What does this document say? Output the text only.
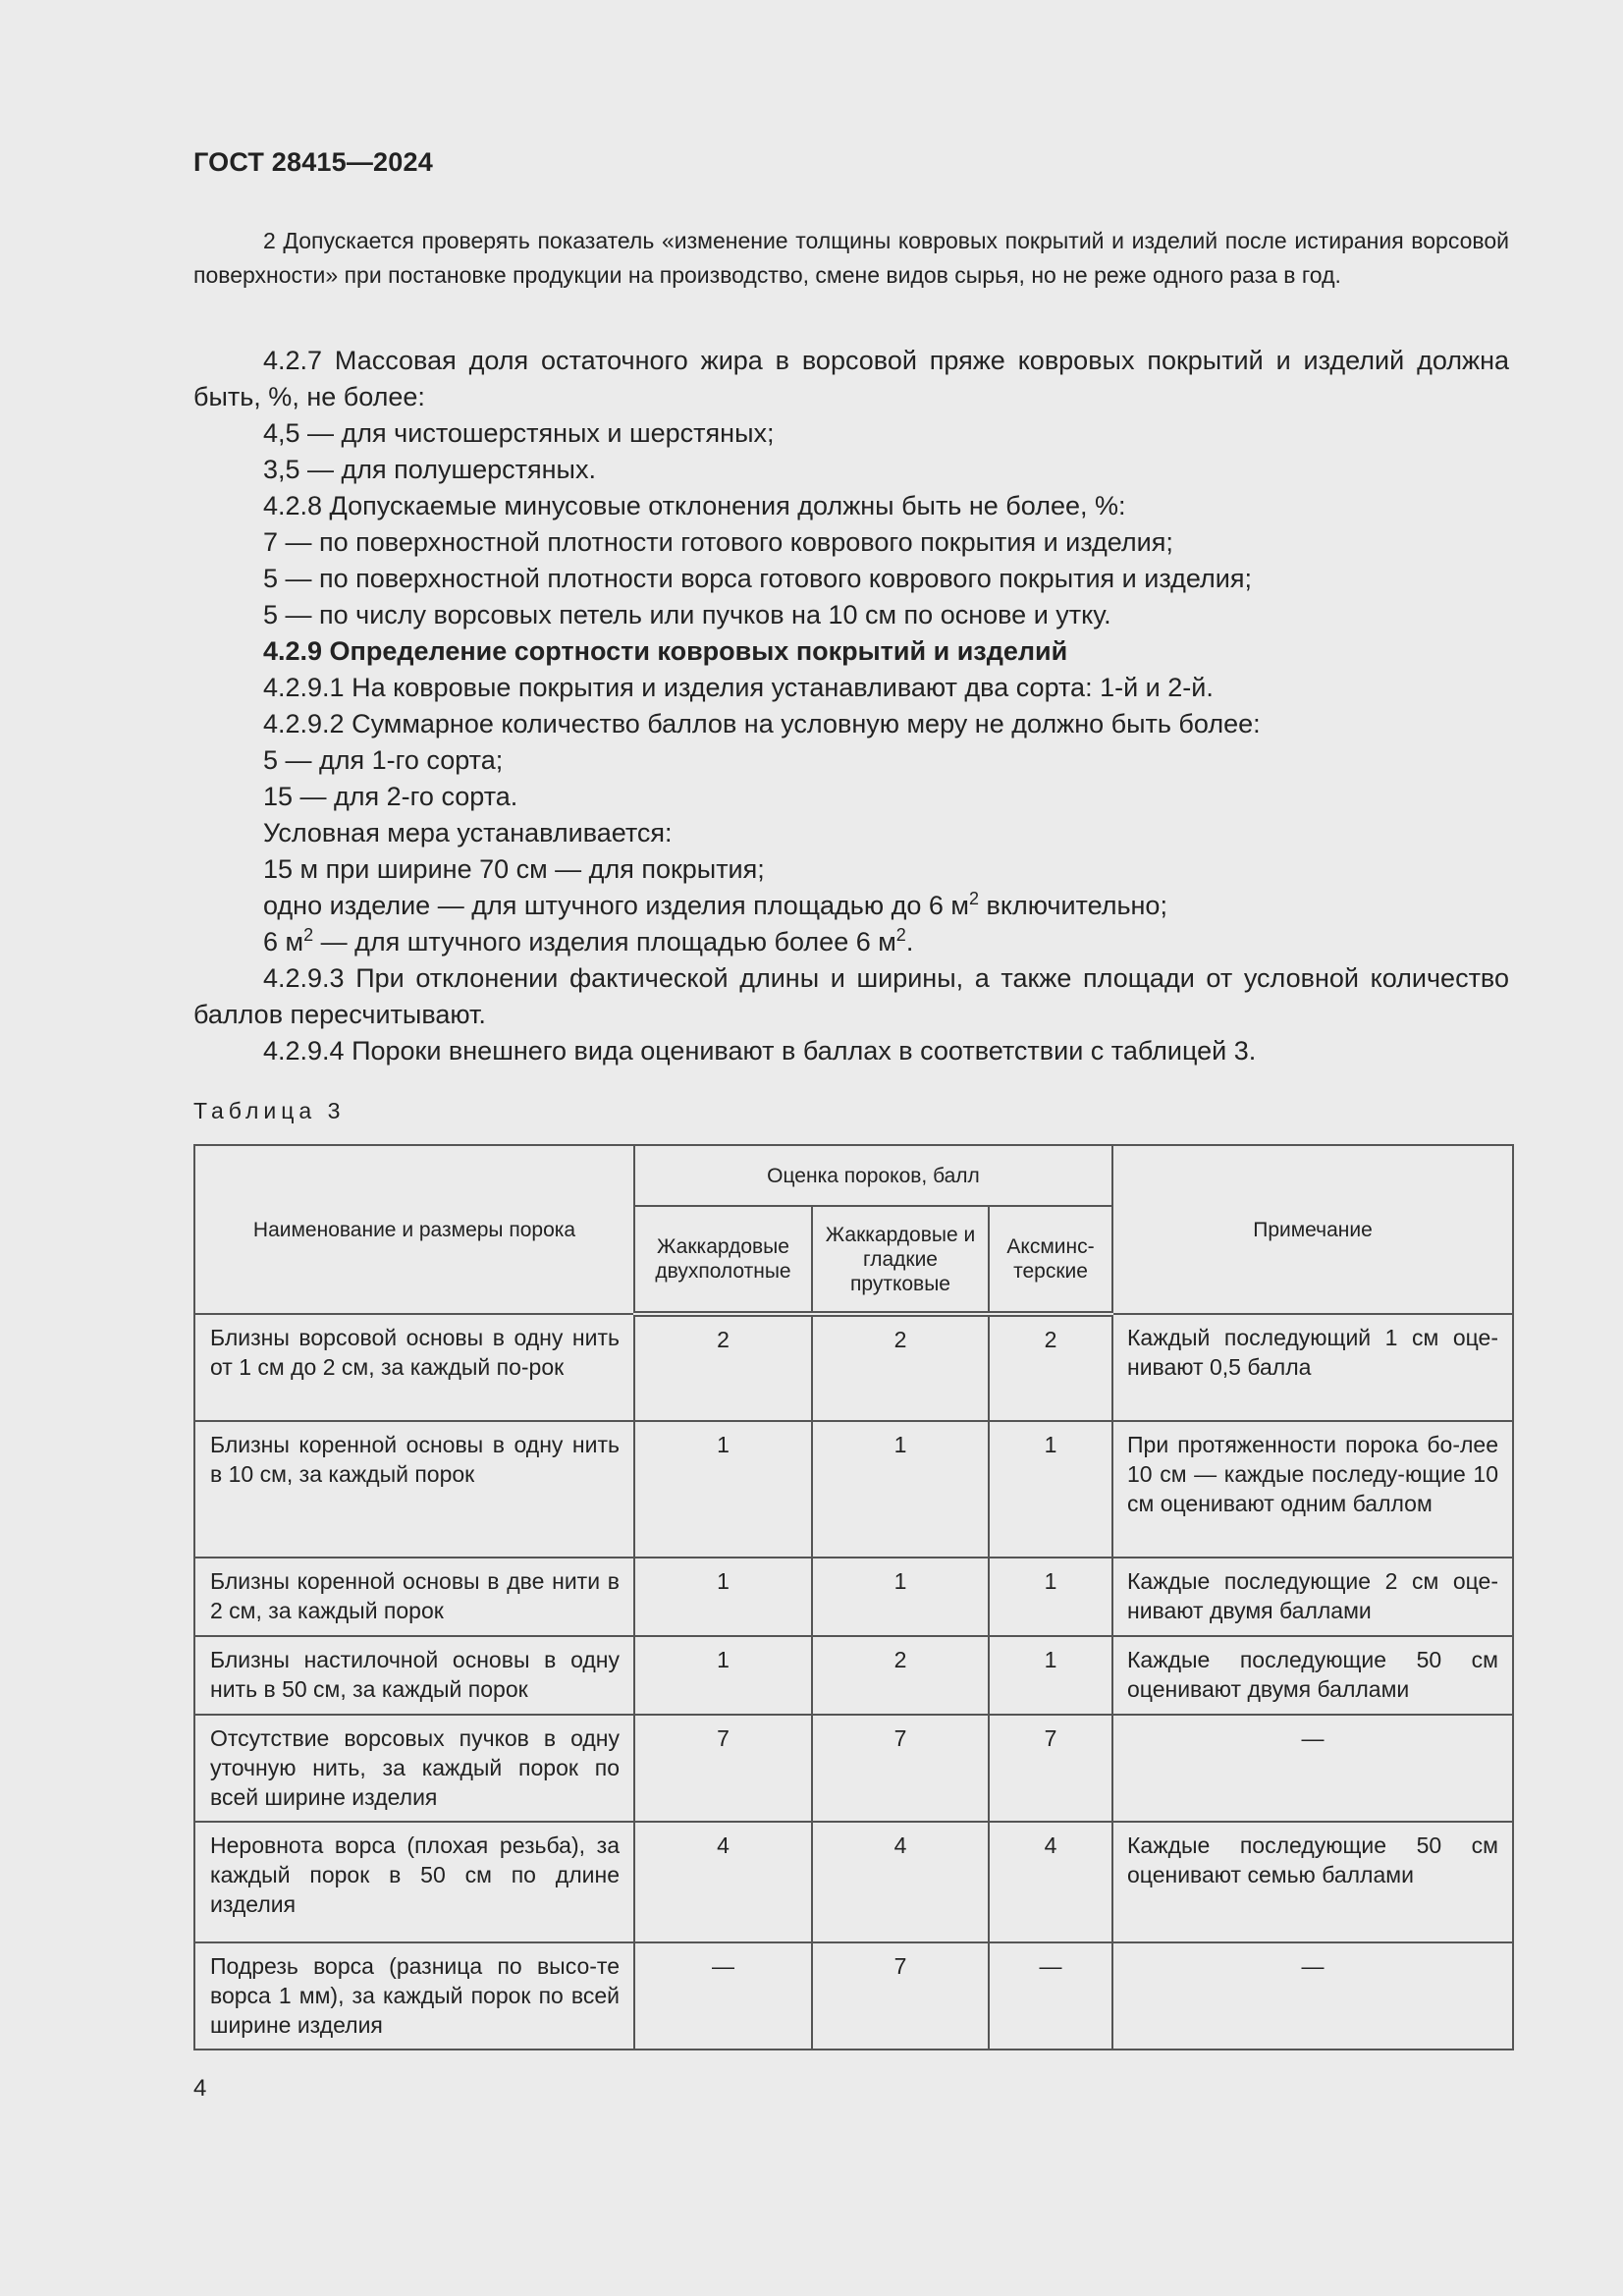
ГОСТ 28415—2024
2 Допускается проверять показатель «изменение толщины ковровых покрытий и изделий после истирания ворсовой поверхности» при постановке продукции на производство, смене видов сырья, но не реже одного раза в год.

4.2.7 Массовая доля остаточного жира в ворсовой пряже ковровых покрытий и изделий должна быть, %, не более:

4,5 — для чистошерстяных и шерстяных;

3,5 — для полушерстяных.

4.2.8 Допускаемые минусовые отклонения должны быть не более, %:

7 — по поверхностной плотности готового коврового покрытия и изделия;

5 — по поверхностной плотности ворса готового коврового покрытия и изделия;

5 — по числу ворсовых петель или пучков на 10 см по основе и утку.

4.2.9 Определение сортности ковровых покрытий и изделий

4.2.9.1 На ковровые покрытия и изделия устанавливают два сорта: 1-й и 2-й.

4.2.9.2 Суммарное количество баллов на условную меру не должно быть более:

5 — для 1-го сорта;

15 — для 2-го сорта.

Условная мера устанавливается:

15 м при ширине 70 см — для покрытия;

одно изделие — для штучного изделия площадью до 6 $м^2$ включительно;

6 $м^2$ — для штучного изделия площадью более 6 $м^2$.

4.2.9.3 При отклонении фактической длины и ширины, а также площади от условной количество баллов пересчитывают.

4.2.9.4 Пороки внешнего вида оценивают в баллах в соответствии с таблицей 3.

Таблица 3
Наименование и размеры порока	Оценка пороков, балл			Примечание
	Жаккардовые двухполотные	Жаккардовые и гладкие прутковые	Аксминс-терские	
Близны ворсовой основы в одну нить от 1 см до 2 см, за каждый по-рок	2	2	2	Каждый последующий 1 см оце-нивают 0,5 балла
Близны коренной основы в одну нить в 10 см, за каждый порок	1	1	1	При протяженности порока бо-лее 10 см — каждые последу-ющие 10 см оценивают одним баллом
Близны коренной основы в две нити в 2 см, за каждый порок	1	1	1	Каждые последующие 2 см оце-нивают двумя баллами
Близны настилочной основы в одну нить в 50 см, за каждый порок	1	2	1	Каждые последующие 50 см оценивают двумя баллами
Отсутствие ворсовых пучков в одну уточную нить, за каждый порок по всей ширине изделия	7	7	7	—
Неровнота ворса (плохая резьба), за каждый порок в 50 см по длине изделия	4	4	4	Каждые последующие 50 см оценивают семью баллами
Подрезь ворса (разница по высо-те ворса 1 мм), за каждый порок по всей ширине изделия	—	7	—	—
4
